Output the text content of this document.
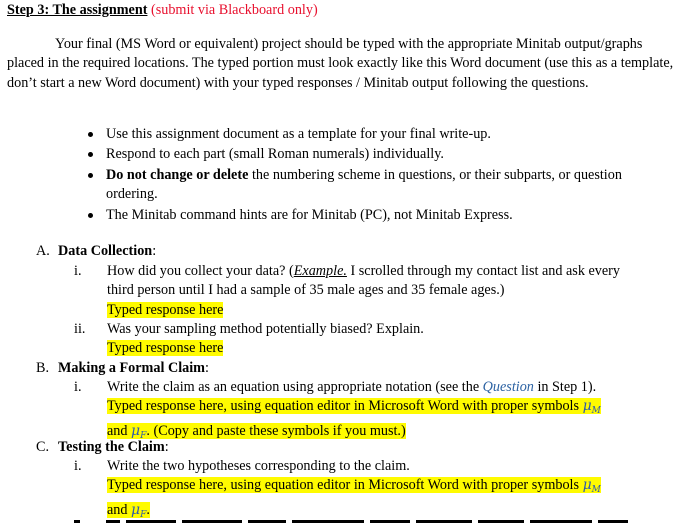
Step 3: The assignment (submit via Blackboard only)
Your final (MS Word or equivalent) project should be typed with the appropriate Minitab output/graphs placed in the required locations. The typed portion must look exactly like this Word document (use this as a template, don’t start a new Word document) with your typed responses / Minitab output following the questions.
Use this assignment document as a template for your final write-up.
Respond to each part (small Roman numerals) individually.
Do not change or delete the numbering scheme in questions, or their subparts, or question ordering.
The Minitab command hints are for Minitab (PC), not Minitab Express.
A. Data Collection:
i.	How did you collect your data? (Example. I scrolled through my contact list and ask every third person until I had a sample of 35 male ages and 35 female ages.)
Typed response here
ii.	Was your sampling method potentially biased? Explain.
Typed response here
B. Making a Formal Claim:
i.	Write the claim as an equation using appropriate notation (see the Question in Step 1).
Typed response here, using equation editor in Microsoft Word with proper symbols $\mu_M$
and $\mu_F$. (Copy and paste these symbols if you must.)
C. Testing the Claim:
i.	Write the two hypotheses corresponding to the claim.
Typed response here, using equation editor in Microsoft Word with proper symbols $\mu_M$
and $\mu_F$.
